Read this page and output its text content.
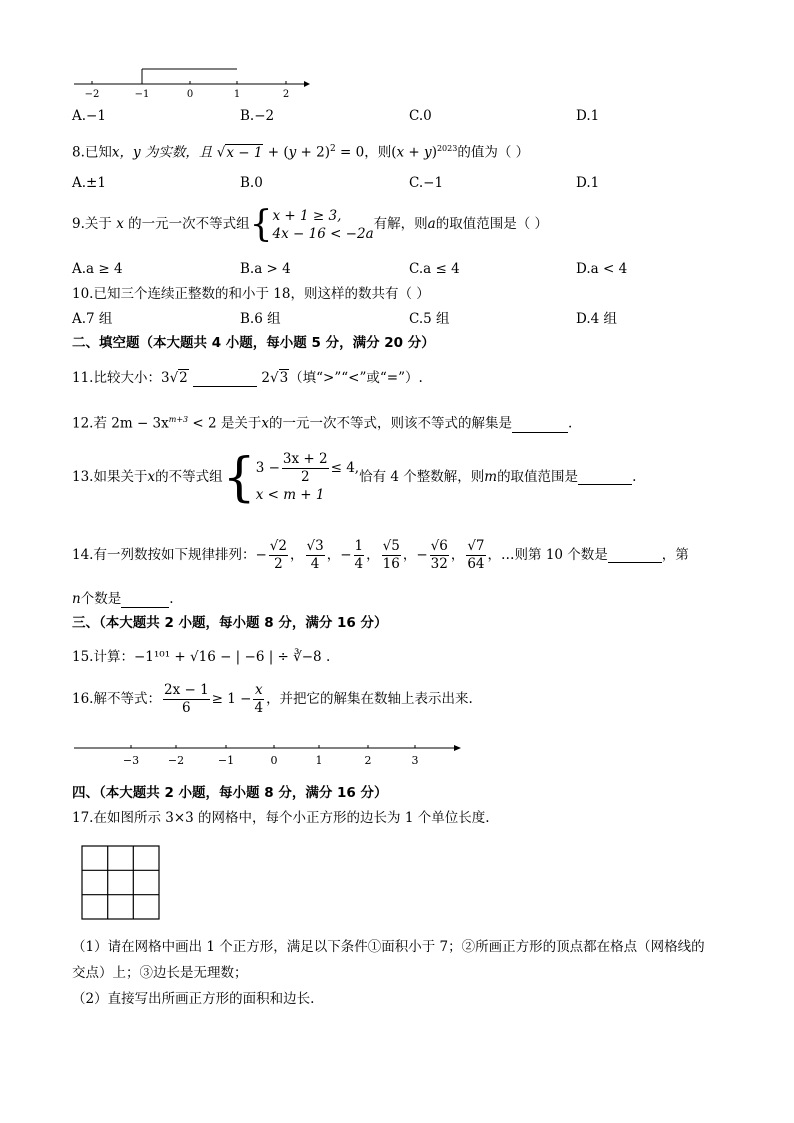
−2	−1	0	1	2
A.−1	B.−2	C.0	D.1
8.已知x，y 为实数，且 $√x - 1 + (y + 2)^2 = 0$，则$(x + y)^{2023}$的值为（ ）
A.±1	B.0	C.−1	D.1
9.关于 x 的一元一次不等式组{ x + 1 ≥ 3,
4x − 16 < −2a
有解，则a的取值范围是（ ）
A.a ≥ 4	B.a > 4	C.a ≤ 4	D.a < 4
10.已知三个连续正整数的和小于 18，则这样的数共有（ ）
A.7 组	B.6 组	C.5 组	D.4 组
二、填空题（本大题共 4 小题，每小题 5 分，满分 20 分）
11.比较大小：3√2	2√3（填“>”“<”或“=”）.
12.若 $2m - 3x^{m+3} < 2$ 是关于x的一元一次不等式，则该不等式的解集是	.
13.如果关于x的不等式组{ $3 - \frac{3x + 2}{2} \le 4$,
x < m + 1
恰有 4 个整数解，则m的取值范围是	.
14.有一列数按如下规律排列：− $\frac{√2}{2}$ ， $\frac{√3}{4}$ ，− $\frac{1}{4}$ ， $\frac{√5}{16}$ ，− $\frac{√6}{32}$ ， $\frac{√7}{64}$ ，…则第 10 个数是	，第
n个数是	.
三、（本大题共 2 小题，每小题 8 分，满分 16 分）
15.计算：−1¹⁰¹ + √16 − | −6 | ÷ ∛−8 .
16.解不等式： $\frac{2x - 1}{6} \ge 1 - \frac{x}{4}$ ，并把它的解集在数轴上表示出来.
−3	−2	−1	0	1	2	3
四、（本大题共 2 小题，每小题 8 分，满分 16 分）
17.在如图所示 3×3 的网格中，每个小正方形的边长为 1 个单位长度.
（1）请在网格中画出 1 个正方形，满足以下条件①面积小于 7；②所画正方形的顶点都在格点（网格线的
交点）上；③边长是无理数；
（2）直接写出所画正方形的面积和边长.
